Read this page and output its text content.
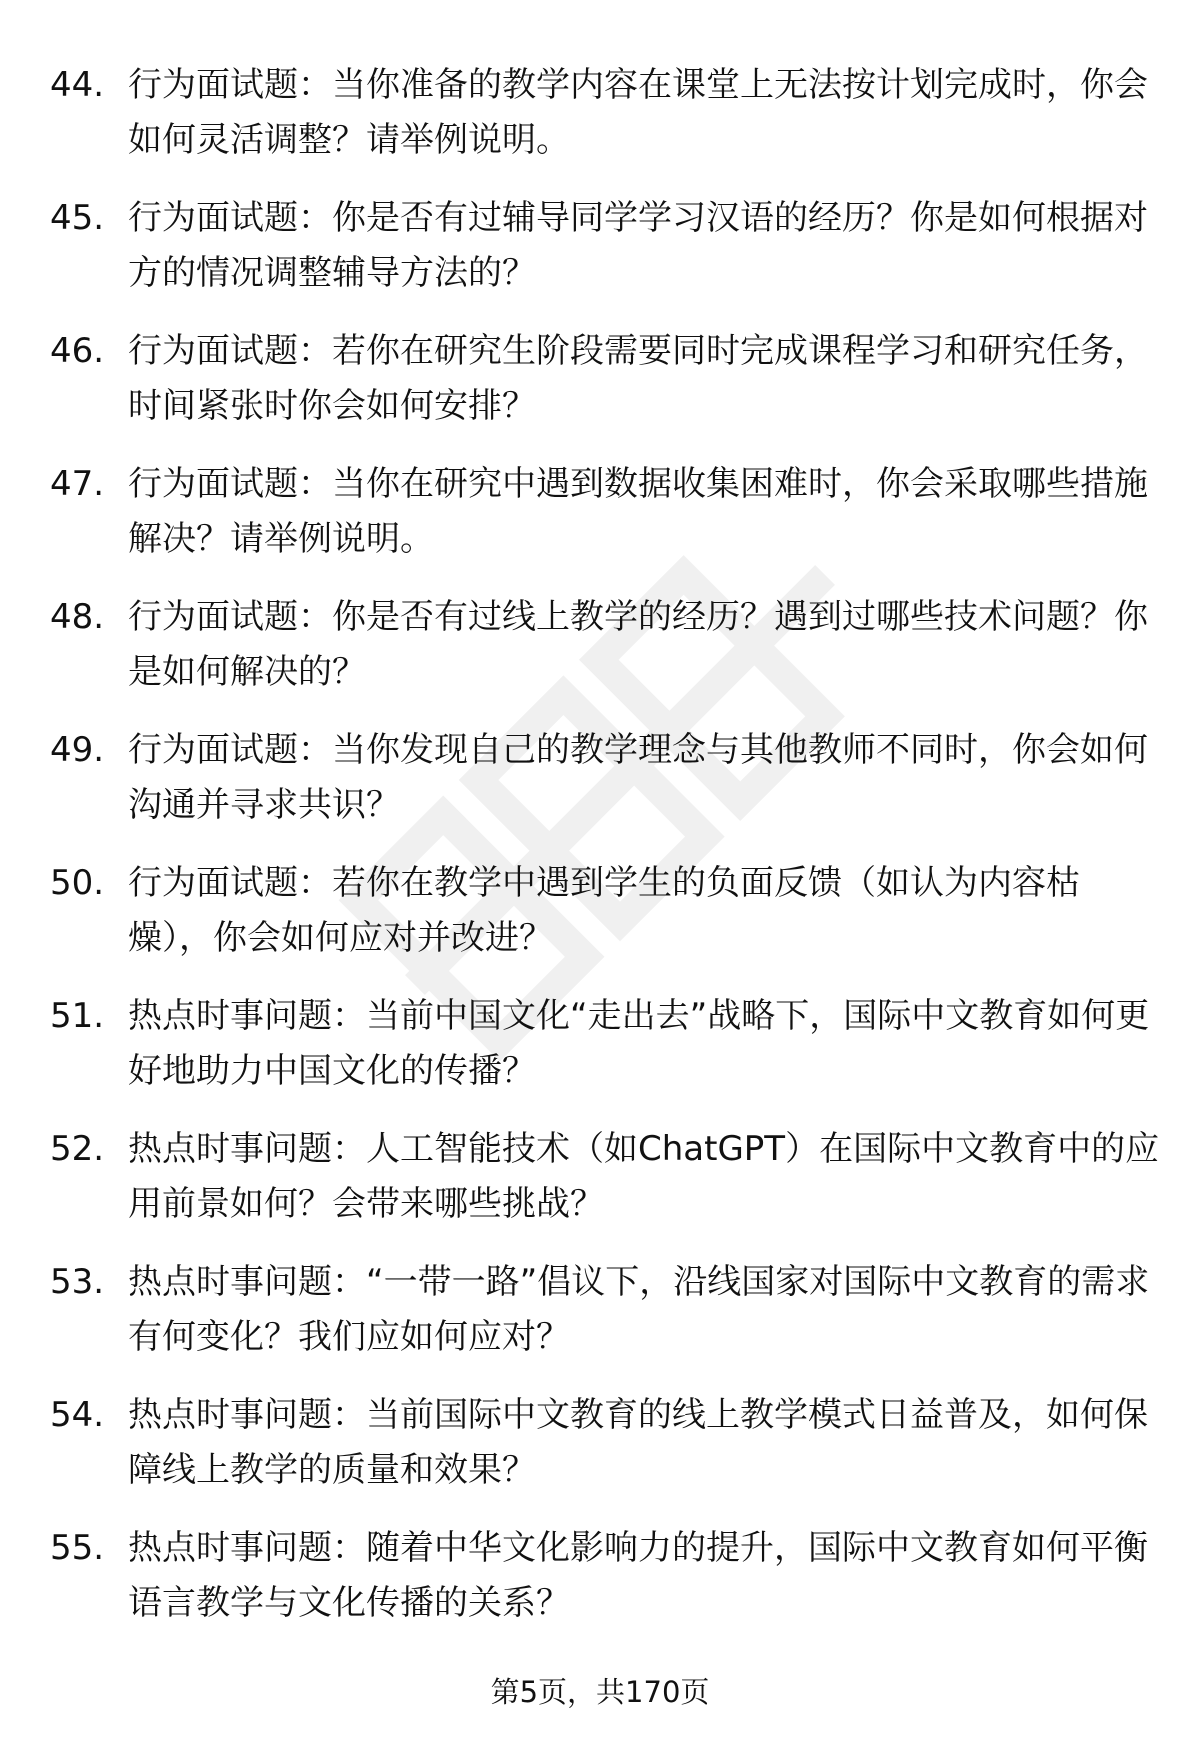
44. 行为面试题：当你准备的教学内容在课堂上无法按计划完成时，你会如何灵活调整？请举例说明。
45. 行为面试题：你是否有过辅导同学学习汉语的经历？你是如何根据对方的情况调整辅导方法的？
46. 行为面试题：若你在研究生阶段需要同时完成课程学习和研究任务，时间紧张时你会如何安排？
47. 行为面试题：当你在研究中遇到数据收集困难时，你会采取哪些措施解决？请举例说明。
48. 行为面试题：你是否有过线上教学的经历？遇到过哪些技术问题？你是如何解决的？
49. 行为面试题：当你发现自己的教学理念与其他教师不同时，你会如何沟通并寻求共识？
50. 行为面试题：若你在教学中遇到学生的负面反馈（如认为内容枯燥），你会如何应对并改进？
51. 热点时事问题：当前中国文化“走出去”战略下，国际中文教育如何更好地助力中国文化的传播？
52. 热点时事问题：人工智能技术（如ChatGPT）在国际中文教育中的应用前景如何？会带来哪些挑战？
53. 热点时事问题：“一带一路”倡议下，沿线国家对国际中文教育的需求有何变化？我们应如何应对？
54. 热点时事问题：当前国际中文教育的线上教学模式日益普及，如何保障线上教学的质量和效果？
55. 热点时事问题：随着中华文化影响力的提升，国际中文教育如何平衡语言教学与文化传播的关系？
第5页，共170页
